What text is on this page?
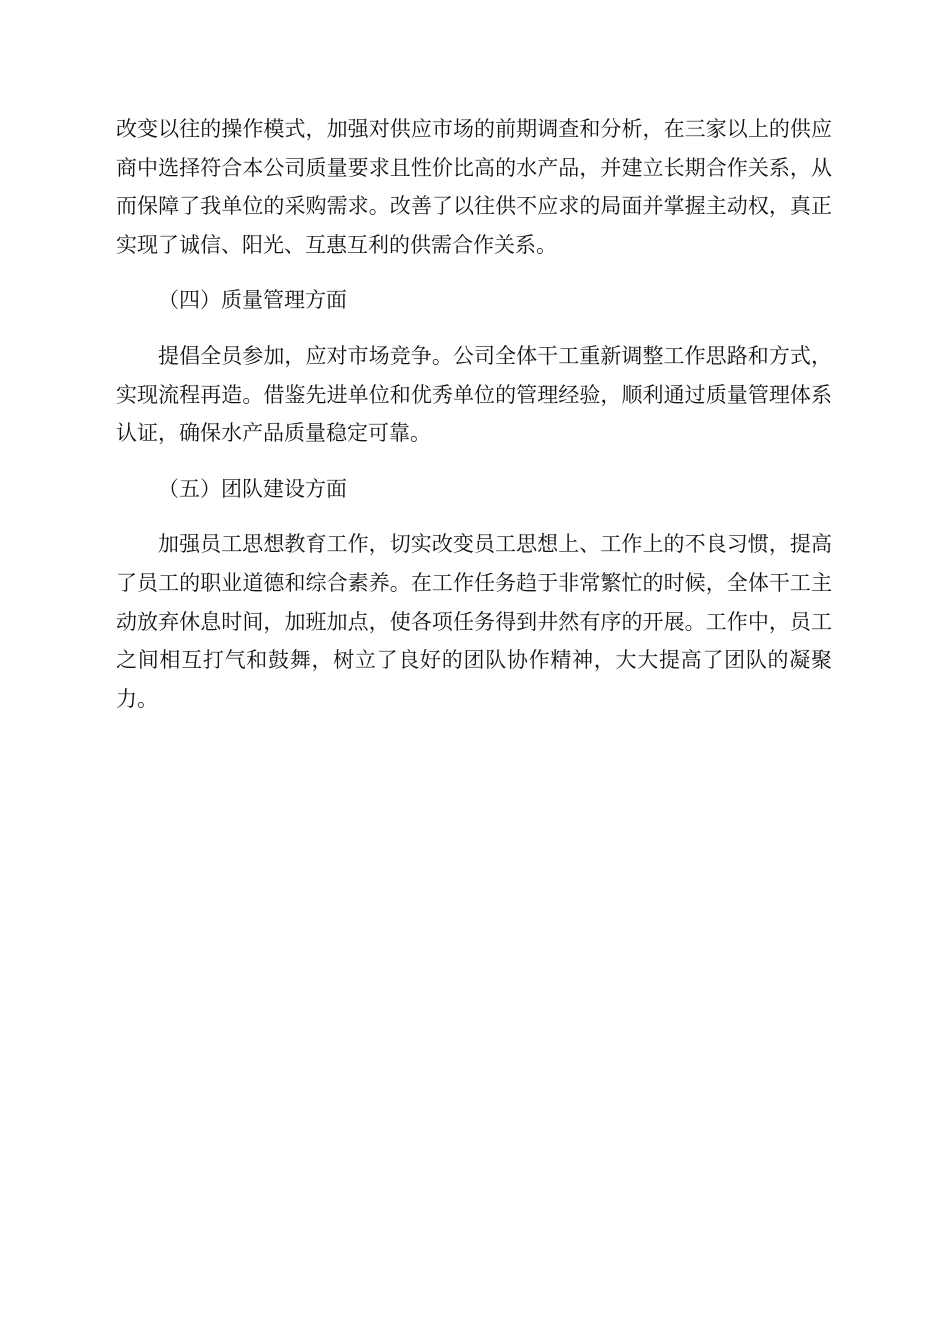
改变以往的操作模式，加强对供应市场的前期调查和分析，在三家以上的供应商中选择符合本公司质量要求且性价比高的水产品，并建立长期合作关系，从而保障了我单位的采购需求。改善了以往供不应求的局面并掌握主动权，真正实现了诚信、阳光、互惠互利的供需合作关系。

（四）质量管理方面

提倡全员参加，应对市场竞争。公司全体干工重新调整工作思路和方式，实现流程再造。借鉴先进单位和优秀单位的管理经验，顺利通过质量管理体系认证，确保水产品质量稳定可靠。

（五）团队建设方面

加强员工思想教育工作，切实改变员工思想上、工作上的不良习惯，提高了员工的职业道德和综合素养。在工作任务趋于非常繁忙的时候，全体干工主动放弃休息时间，加班加点，使各项任务得到井然有序的开展。工作中，员工之间相互打气和鼓舞，树立了良好的团队协作精神，大大提高了团队的凝聚力。
